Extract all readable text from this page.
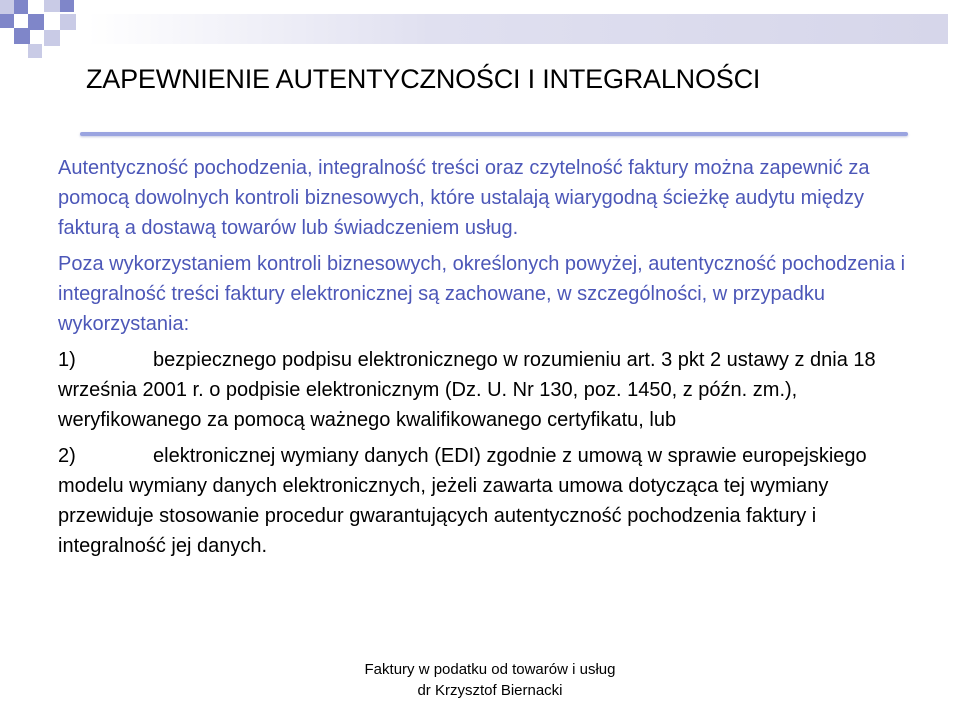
ZAPEWNIENIE AUTENTYCZNOŚCI I INTEGRALNOŚCI

Autentyczność pochodzenia, integralność treści oraz czytelność faktury można zapewnić za pomocą dowolnych kontroli biznesowych, które ustalają wiarygodną ścieżkę audytu między fakturą a dostawą towarów lub świadczeniem usług.

Poza wykorzystaniem kontroli biznesowych, określonych powyżej, autentyczność pochodzenia i integralność treści faktury elektronicznej są zachowane, w szczególności, w przypadku wykorzystania:

1)	bezpiecznego podpisu elektronicznego w rozumieniu art. 3 pkt 2 ustawy z dnia 18 września 2001 r. o podpisie elektronicznym (Dz. U. Nr 130, poz. 1450, z późn. zm.), weryfikowanego za pomocą ważnego kwalifikowanego certyfikatu, lub

2)	elektronicznej wymiany danych (EDI) zgodnie z umową w sprawie europejskiego modelu wymiany danych elektronicznych, jeżeli zawarta umowa dotycząca tej wymiany przewiduje stosowanie procedur gwarantujących autentyczność pochodzenia faktury i integralność jej danych.

Faktury w podatku od towarów i usług
dr Krzysztof Biernacki
